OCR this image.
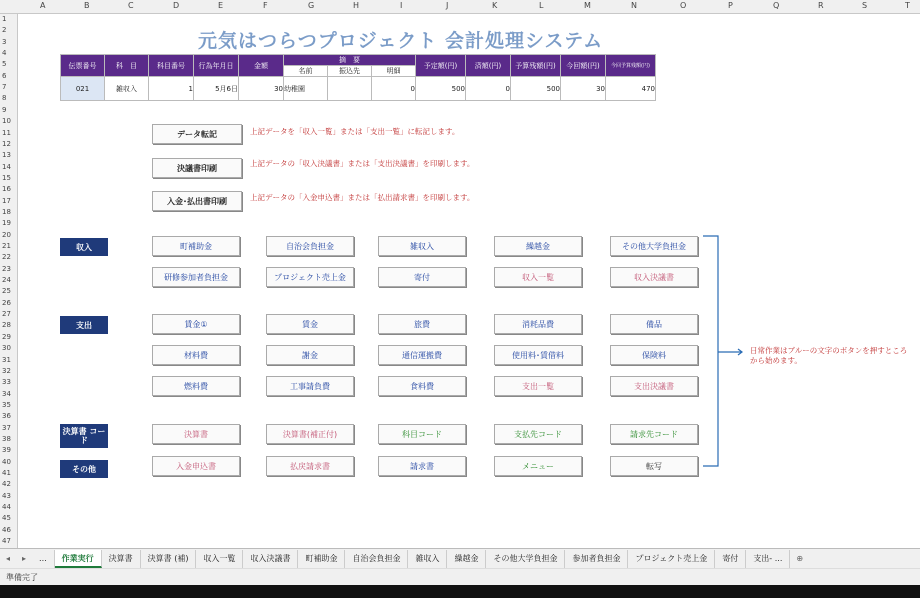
A	B	C	D	E	F	G	H	I	J	K	L	M	N	O	P	Q	R	S	T
1
2
3
4
5
6
7
8
9
10
11
12
13
14
15
16
17
18
19
20
21
22
23
24
25
26
27
28
29
30
31
32
33
34
35
36
37
38
39
40
41
42
43
44
45
46
47
元気はつらつプロジェクト 会計処理システム
伝票番号	科　目	科目番号	行為年月日	金額	摘　要			予定額(円)	済額(円)	予算残額(円)	今回額(円)	今回予算残額(円)
					名前	振込先	明細					
021	雑収入	1	5月6日	30	幼稚園		0	500	0	500	30	470
データ転記	上記データを「収入一覧」または「支出一覧」に転記します。
決議書印刷	上記データの「収入決議書」または「支出決議書」を印刷します。
入金･払出書印刷	上記データの「入金申込書」または「払出請求書」を印刷します。
収入
支出
決算書 コード
その他
町補助金	自治会負担金	雑収入	繰越金	その他大学負担金
研修参加者負担金	プロジェクト売上金	寄付	収入一覧	収入決議書
賃金①	賃金	旅費	消耗品費	備品
材料費	謝金	通信運搬費	使用料･賃借料	保険料
燃料費	工事請負費	食料費	支出一覧	支出決議書
決算書	決算書(補正付)	科目コード	支払先コード	請求先コード
入金申込書	払戻請求書	請求書	メニュー	転写
日常作業はブルーの文字のボタンを押すところから始めます。
◂	▸	...	作業実行	決算書	決算書 (補)	収入一覧	収入決議書	町補助金	自治会負担金	雑収入	繰越金	その他大学負担金	参加者負担金	プロジェクト売上金	寄付	支出- ...	⊕
準備完了
